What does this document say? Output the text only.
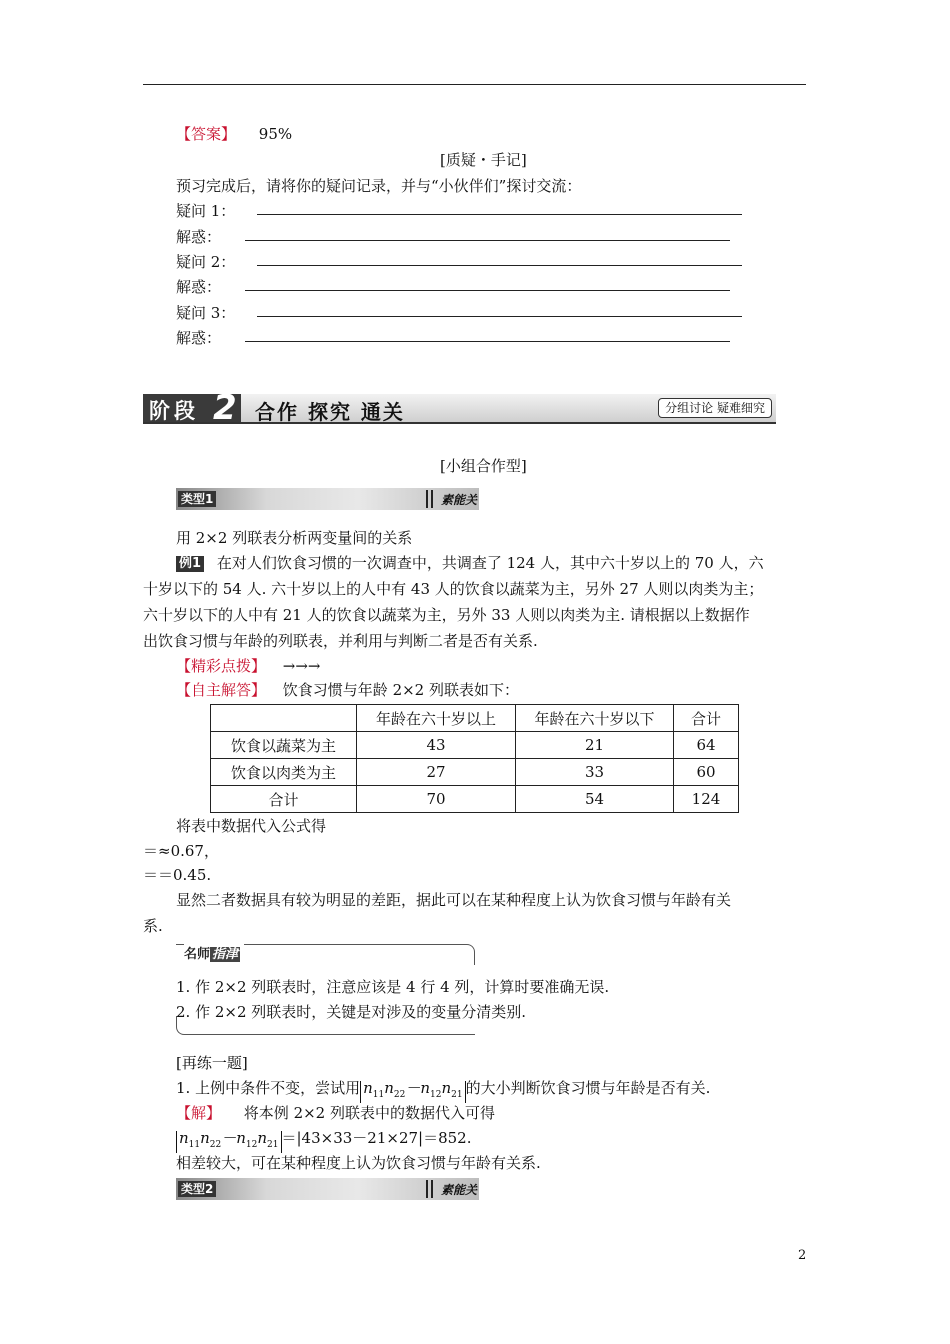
【答案】 95%
[质疑・手记]
预习完成后，请将你的疑问记录，并与“小伙伴们”探讨交流：
疑问 1：
解惑：
疑问 2：
解惑：
疑问 3：
解惑：
阶段 2 合作 探究 通关	分组讨论 疑难细究
[小组合作型]
类型1	素能关
用 2×2 列联表分析两变量间的关系
例1 在对人们饮食习惯的一次调查中，共调查了 124 人，其中六十岁以上的 70 人，六
十岁以下的 54 人. 六十岁以上的人中有 43 人的饮食以蔬菜为主，另外 27 人则以肉类为主；
六十岁以下的人中有 21 人的饮食以蔬菜为主，另外 33 人则以肉类为主. 请根据以上数据作
出饮食习惯与年龄的列联表，并利用与判断二者是否有关系.
【精彩点拨】 →→→
【自主解答】 饮食习惯与年龄 2×2 列联表如下：
	年龄在六十岁以上	年龄在六十岁以下	合计
饮食以蔬菜为主	43	21	64
饮食以肉类为主	27	33	60
合计	70	54	124
将表中数据代入公式得
＝≈0.67，
＝＝0.45.
显然二者数据具有较为明显的差距，据此可以在某种程度上认为饮食习惯与年龄有关
系.
名师 指津
1. 作 2×2 列联表时，注意应该是 4 行 4 列，计算时要准确无误.
2. 作 2×2 列联表时，关键是对涉及的变量分清类别.
[再练一题]
1. 上例中条件不变，尝试用 $n_{11}n_{22}-n_{12}n_{21}$ 的大小判断饮食习惯与年龄是否有关.
【解】 将本例 2×2 列联表中的数据代入可得
$n_{11}n_{22}-n_{12}n_{21} =|43\times 33-21\times 27|=852$.
相差较大，可在某种程度上认为饮食习惯与年龄有关系.
类型2	素能关
2
